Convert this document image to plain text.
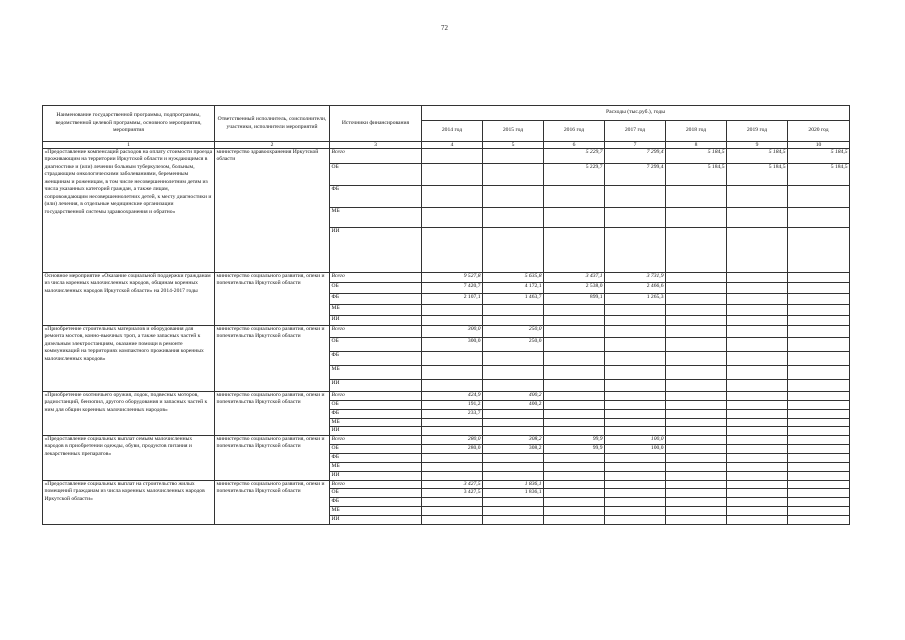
72
Наименование государственной программы, подпрограммы, ведомственной целевой программы, основного мероприятия, мероприятия	Ответственный исполнитель, соисполнители, участники, исполнители мероприятий	Источники финансирования	Расходы (тыс.руб.), годы						
			2014 год	2015 год	2016 год	2017 год	2018 год	2019 год	2020 год
1	2	3	4	5	6	7	8	9	10
«Предоставление компенсаций расходов на оплату стоимости проезда проживающим на территории Иркутской области и нуждающимся в диагностике и (или) лечении больным туберкулезом, больным, страдающим онкологическими заболеваниями, беременным женщинам и роженицам, в том числе несовершеннолетним детям из числа указанных категорий граждан, а также лицам, сопровождающим несовершеннолетних детей, к месту диагностики и (или) лечения, в отдельные медицинские организации государственной системы здравоохранения и обратно»	министерство здравоохранения Иркутской области	Всего			5 229,7	7 299,4	5 184,5	5 184,5	5 184,5
		ОБ			5 229,7	7 299,4	5 184,5	5 184,5	5 184,5
		ФБ							
		МБ							
		ИИ							
Основное мероприятие «Оказание социальной поддержки гражданам из числа коренных малочисленных народов, общинам коренных малочисленных народов Иркутской области» на 2014-2017 годы	министерство социального развития, опеки и попечительства Иркутской области	Всего	9 527,8	5 635,8	3 437,1	3 731,9			
		ОБ	7 420,7	4 172,1	2 538,0	2 466,6			
		ФБ	2 107,1	1 463,7	899,1	1 265,3			
		МБ							
		ИИ							
«Приобретение строительных материалов и оборудования для ремонта мостов, конно-вьючных троп, а также запасных частей к дизельным электростанциям, оказание помощи в ремонте коммуникаций на территориях компактного проживания коренных малочисленных народов»	министерство социального развития, опеки и попечительства Иркутской области	Всего	300,0	250,0					
		ОБ	300,0	250,0					
		ФБ							
		МБ							
		ИИ							
«Приобретение охотничьего оружия, лодок, подвесных моторов, радиостанций, бензопил, другого оборудования и запасных частей к ним для общин коренных малочисленных народов»	министерство социального развития, опеки и попечительства Иркутской области	Всего	424,9	400,2					
		ОБ	191,2	400,2					
		ФБ	233,7						
		МБ							
		ИИ							
«Предоставление социальных выплат семьям малочисленных народов в приобретении одежды, обуви, продуктов питания и лекарственных препаратов»	министерство социального развития, опеки и попечительства Иркутской области	Всего	280,0	308,2	99,9	100,0			
		ОБ	280,0	308,2	99,9	100,0			
		ФБ							
		МБ							
		ИИ							
«Предоставление социальных выплат на строительство жилых помещений гражданам из числа коренных малочисленных народов Иркутской области»	министерство социального развития, опеки и попечительства Иркутской области	Всего	3 427,5	1 836,1					
		ОБ	3 427,5	1 836,1					
		ФБ							
		МБ							
		ИИ							
